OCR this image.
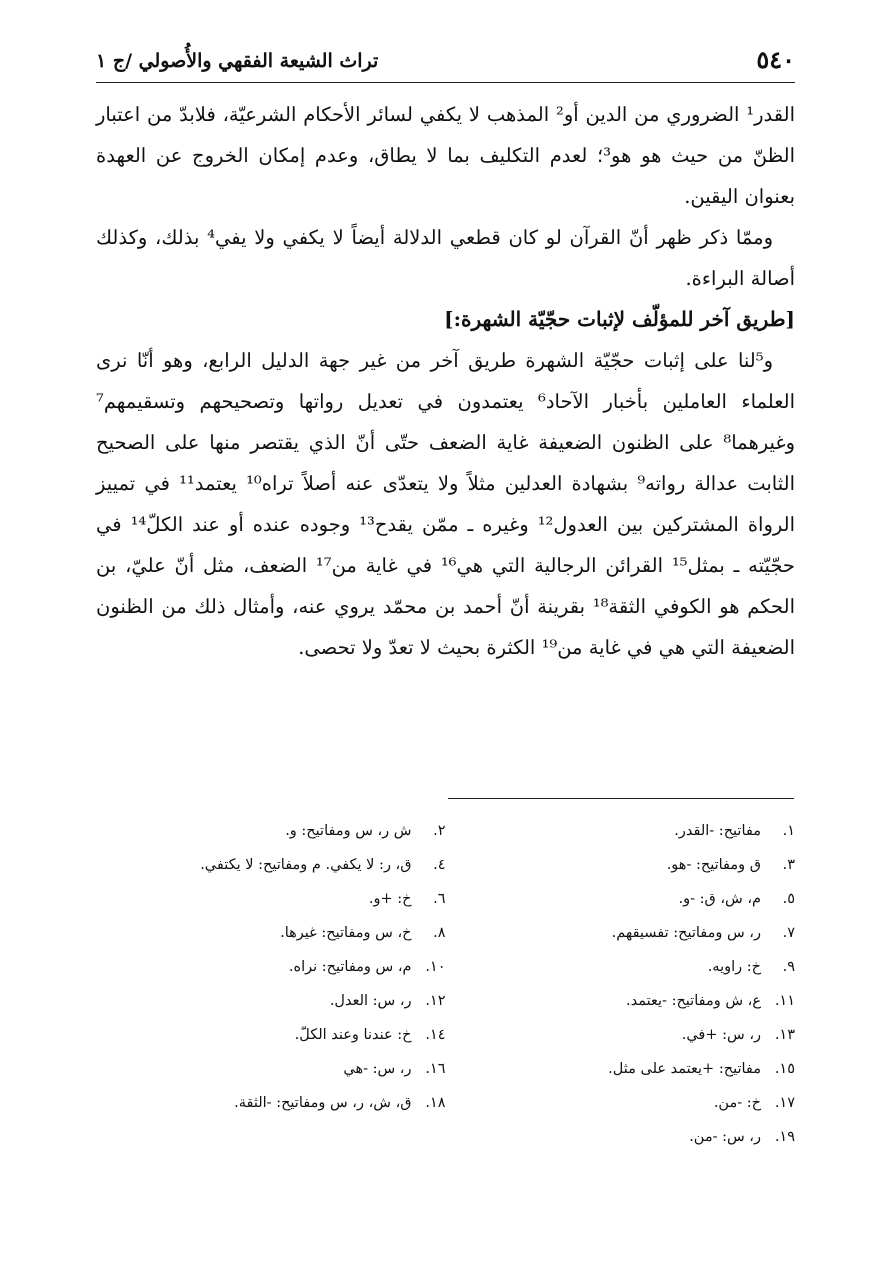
٥٤٠
تراث الشيعة الفقهي والأُصولي /ج ١

القدر¹ الضروري من الدين أو² المذهب لا يكفي لسائر الأحكام الشرعيّة، فلابدّ من اعتبار الظنّ من حيث هو هو³؛ لعدم التكليف بما لا يطاق، وعدم إمكان الخروج عن العهدة بعنوان اليقين.

وممّا ذكر ظهر أنّ القرآن لو كان قطعي الدلالة أيضاً لا يكفي ولا يفي⁴ بذلك، وكذلك أصالة البراءة.

[طريق آخر للمؤلّف لإثبات حجّيّة الشهرة:]

و⁵لنا على إثبات حجّيّة الشهرة طريق آخر من غير جهة الدليل الرابع، وهو أنّا نرى العلماء العاملين بأخبار الآحاد⁶ يعتمدون في تعديل رواتها وتصحيحهم وتسقيمهم⁷ وغيرهما⁸ على الظنون الضعيفة غاية الضعف حتّى أنّ الذي يقتصر منها على الصحيح الثابت عدالة رواته⁹ بشهادة العدلين مثلاً ولا يتعدّى عنه أصلاً تراه¹⁰ يعتمد¹¹ في تمييز الرواة المشتركين بين العدول¹² وغيره ـ ممّن يقدح¹³ وجوده عنده أو عند الكلّ¹⁴ في حجّيّته ـ بمثل¹⁵ القرائن الرجالية التي هي¹⁶ في غاية من¹⁷ الضعف، مثل أنّ عليّ، بن الحكم هو الكوفي الثقة¹⁸ بقرينة أنّ أحمد بن محمّد يروي عنه، وأمثال ذلك من الظنون الضعيفة التي هي في غاية من¹⁹ الكثرة بحيث لا تعدّ ولا تحصى.

١.مفاتيح: -القدر.
٣.ق ومفاتيح: -هو.
٥.م، ش، ق: -و.
٧.ر، س ومفاتيح: تفسيقهم.
٩.خ: راويه.
١١.ع، ش ومفاتيح: -يعتمد.
١٣.ر، س: +في.
١٥.مفاتيح: +يعتمد على مثل.
١٧.خ: -من.
١٩.ر، س: -من.
٢.ش ر، س ومفاتيح: و.
٤.ق، ر: لا يكفي. م ومفاتيح: لا يكتفي.
٦.خ: +و.
٨.خ، س ومفاتيح: غيرها.
١٠.م، س ومفاتيح: نراه.
١٢.ر، س: العدل.
١٤.خ: عندنا وعند الكلّ.
١٦.ر، س: -هي
١٨.ق، ش، ر، س ومفاتيح: -الثقة.
